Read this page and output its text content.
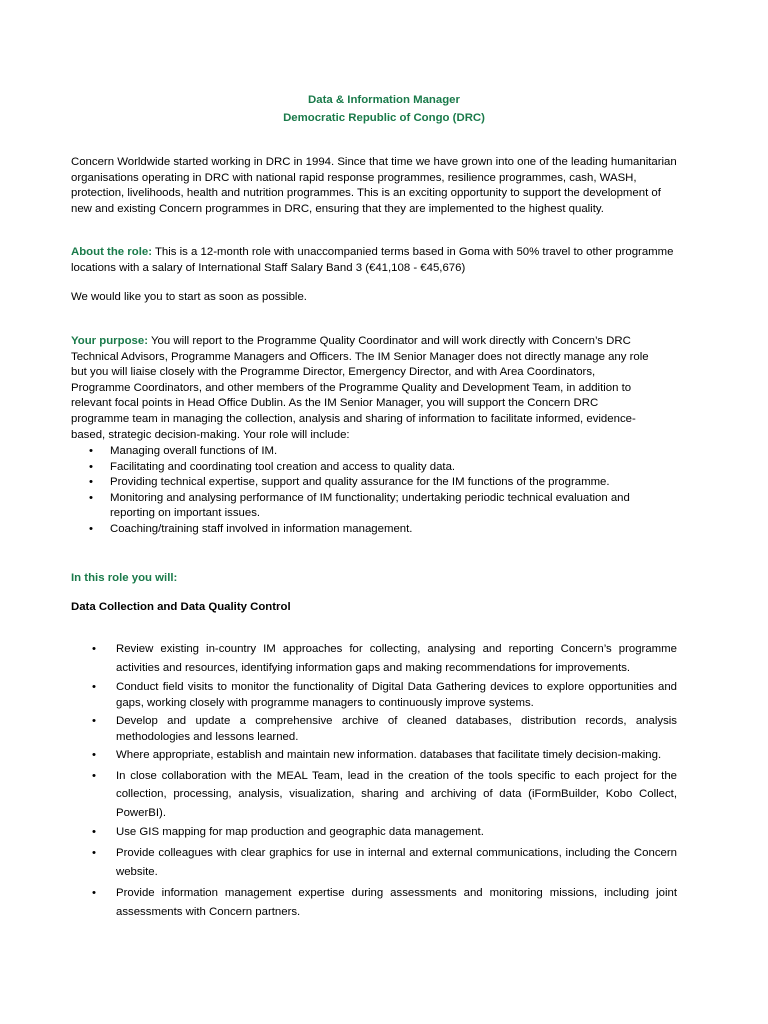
Data & Information Manager
Democratic Republic of Congo (DRC)

Concern Worldwide started working in DRC in 1994. Since that time we have grown into one of the leading humanitarian organisations operating in DRC with national rapid response programmes, resilience programmes, cash, WASH, protection, livelihoods, health and nutrition programmes. This is an exciting opportunity to support the development of new and existing Concern programmes in DRC, ensuring that they are implemented to the highest quality.

About the role: This is a 12-month role with unaccompanied terms based in Goma with 50% travel to other programme locations with a salary of International Staff Salary Band 3 (€41,108 - €45,676)

We would like you to start as soon as possible.

Your purpose: You will report to the Programme Quality Coordinator and will work directly with Concern’s DRC Technical Advisors, Programme Managers and Officers. The IM Senior Manager does not directly manage any role but you will liaise closely with the Programme Director, Emergency Director, and with Area Coordinators, Programme Coordinators, and other members of the Programme Quality and Development Team, in addition to relevant focal points in Head Office Dublin. As the IM Senior Manager, you will support the Concern DRC programme team in managing the collection, analysis and sharing of information to facilitate informed, evidence-based, strategic decision-making. Your role will include:

• Managing overall functions of IM.
• Facilitating and coordinating tool creation and access to quality data.
• Providing technical expertise, support and quality assurance for the IM functions of the programme.
• Monitoring and analysing performance of IM functionality; undertaking periodic technical evaluation and reporting on important issues.
• Coaching/training staff involved in information management.
In this role you will:
Data Collection and Data Quality Control
• Review existing in-country IM approaches for collecting, analysing and reporting Concern’s programme activities and resources, identifying information gaps and making recommendations for improvements.
• Conduct field visits to monitor the functionality of Digital Data Gathering devices to explore opportunities and gaps, working closely with programme managers to continuously improve systems.
• Develop and update a comprehensive archive of cleaned databases, distribution records, analysis methodologies and lessons learned.
• Where appropriate, establish and maintain new information. databases that facilitate timely decision-making.
• In close collaboration with the MEAL Team, lead in the creation of the tools specific to each project for the collection, processing, analysis, visualization, sharing and archiving of data (iFormBuilder, Kobo Collect, PowerBI).
• Use GIS mapping for map production and geographic data management.
• Provide colleagues with clear graphics for use in internal and external communications, including the Concern website.
• Provide information management expertise during assessments and monitoring missions, including joint assessments with Concern partners.
